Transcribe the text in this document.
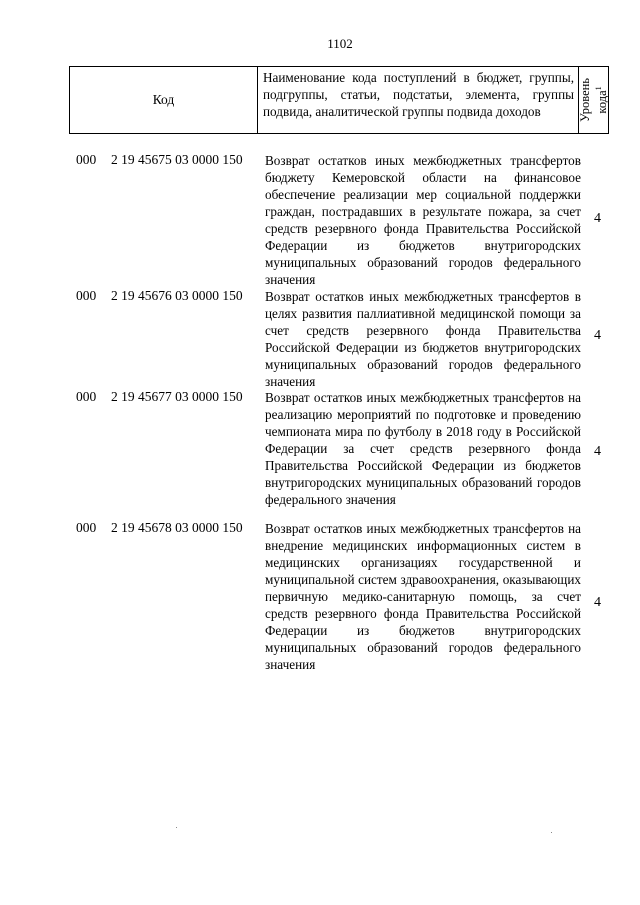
1102
Код
Наименование кода поступлений в бюджет, группы, подгруппы, статьи, подстатьи, элемента, группы подвида, аналитической группы подвида доходов	Уровень кода$^1$
000 2 19 45675 03 0000 150 Возврат остатков иных межбюджетных трансфертов бюджету Кемеровской области на финансовое обеспечение реализации мер социальной поддержки граждан, пострадавших в результате пожара, за счет средств резервного фонда Правительства Российской Федерации из бюджетов внутригородских муниципальных образований городов федерального значения
4
000 2 19 45676 03 0000 150 Возврат остатков иных межбюджетных трансфертов в целях развития паллиативной медицинской помощи за счет средств резервного фонда Правительства Российской Федерации из бюджетов внутригородских муниципальных образований городов федерального значения
4
000 2 19 45677 03 0000 150 Возврат остатков иных межбюджетных трансфертов на реализацию мероприятий по подготовке и проведению чемпионата мира по футболу в 2018 году в Российской Федерации за счет средств резервного фонда Правительства Российской Федерации из бюджетов внутригородских муниципальных образований городов федерального значения
4
000 2 19 45678 03 0000 150 Возврат остатков иных межбюджетных трансфертов на внедрение медицинских информационных систем в медицинских организациях государственной и муниципальной систем здравоохранения, оказывающих первичную медико-санитарную помощь, за счет средств резервного фонда Правительства Российской Федерации из бюджетов внутригородских муниципальных образований городов федерального значения
4
